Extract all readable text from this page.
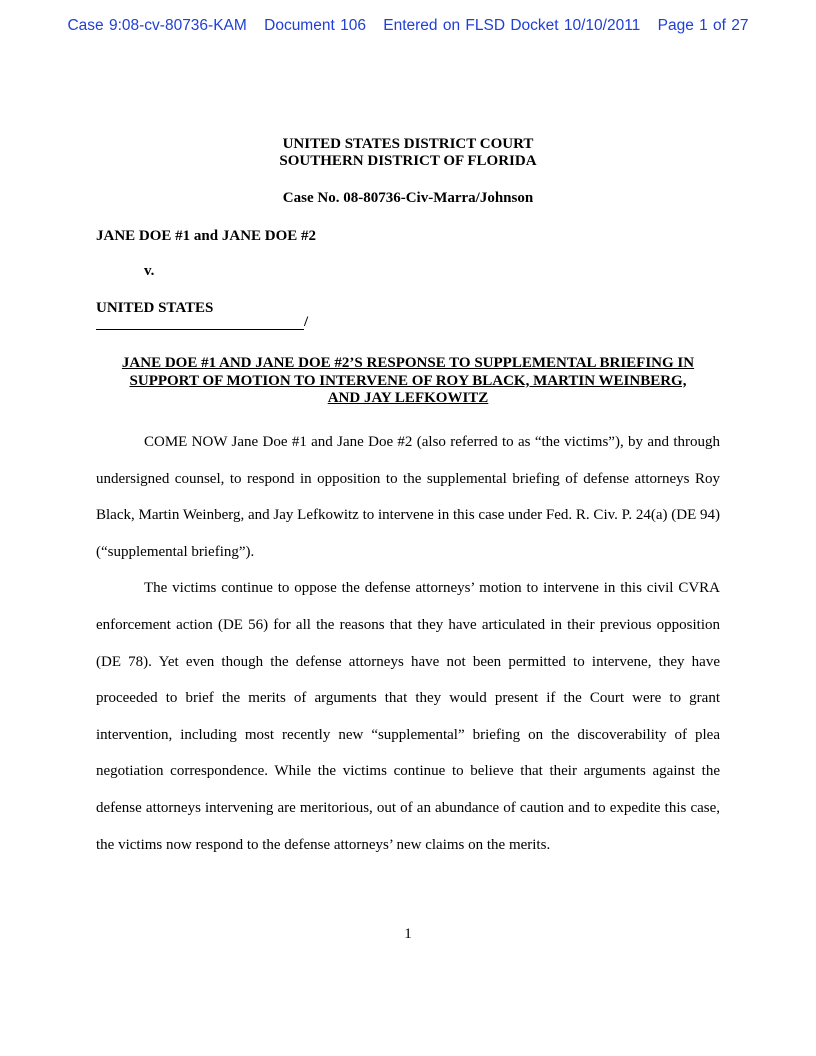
Case 9:08-cv-80736-KAM Document 106 Entered on FLSD Docket 10/10/2011 Page 1 of 27
UNITED STATES DISTRICT COURT
SOUTHERN DISTRICT OF FLORIDA
Case No. 08-80736-Civ-Marra/Johnson
JANE DOE #1 and JANE DOE #2
v.
UNITED STATES
/
JANE DOE #1 AND JANE DOE #2’S RESPONSE TO SUPPLEMENTAL BRIEFING IN
SUPPORT OF MOTION TO INTERVENE OF ROY BLACK, MARTIN WEINBERG,
AND JAY LEFKOWITZ

COME NOW Jane Doe #1 and Jane Doe #2 (also referred to as “the victims”), by and through undersigned counsel, to respond in opposition to the supplemental briefing of defense attorneys Roy Black, Martin Weinberg, and Jay Lefkowitz to intervene in this case under Fed. R. Civ. P. 24(a) (DE 94) (“supplemental briefing”).

The victims continue to oppose the defense attorneys’ motion to intervene in this civil CVRA enforcement action (DE 56) for all the reasons that they have articulated in their previous opposition (DE 78). Yet even though the defense attorneys have not been permitted to intervene, they have proceeded to brief the merits of arguments that they would present if the Court were to grant intervention, including most recently new “supplemental” briefing on the discoverability of plea negotiation correspondence. While the victims continue to believe that their arguments against the defense attorneys intervening are meritorious, out of an abundance of caution and to expedite this case, the victims now respond to the defense attorneys’ new claims on the merits.

1
